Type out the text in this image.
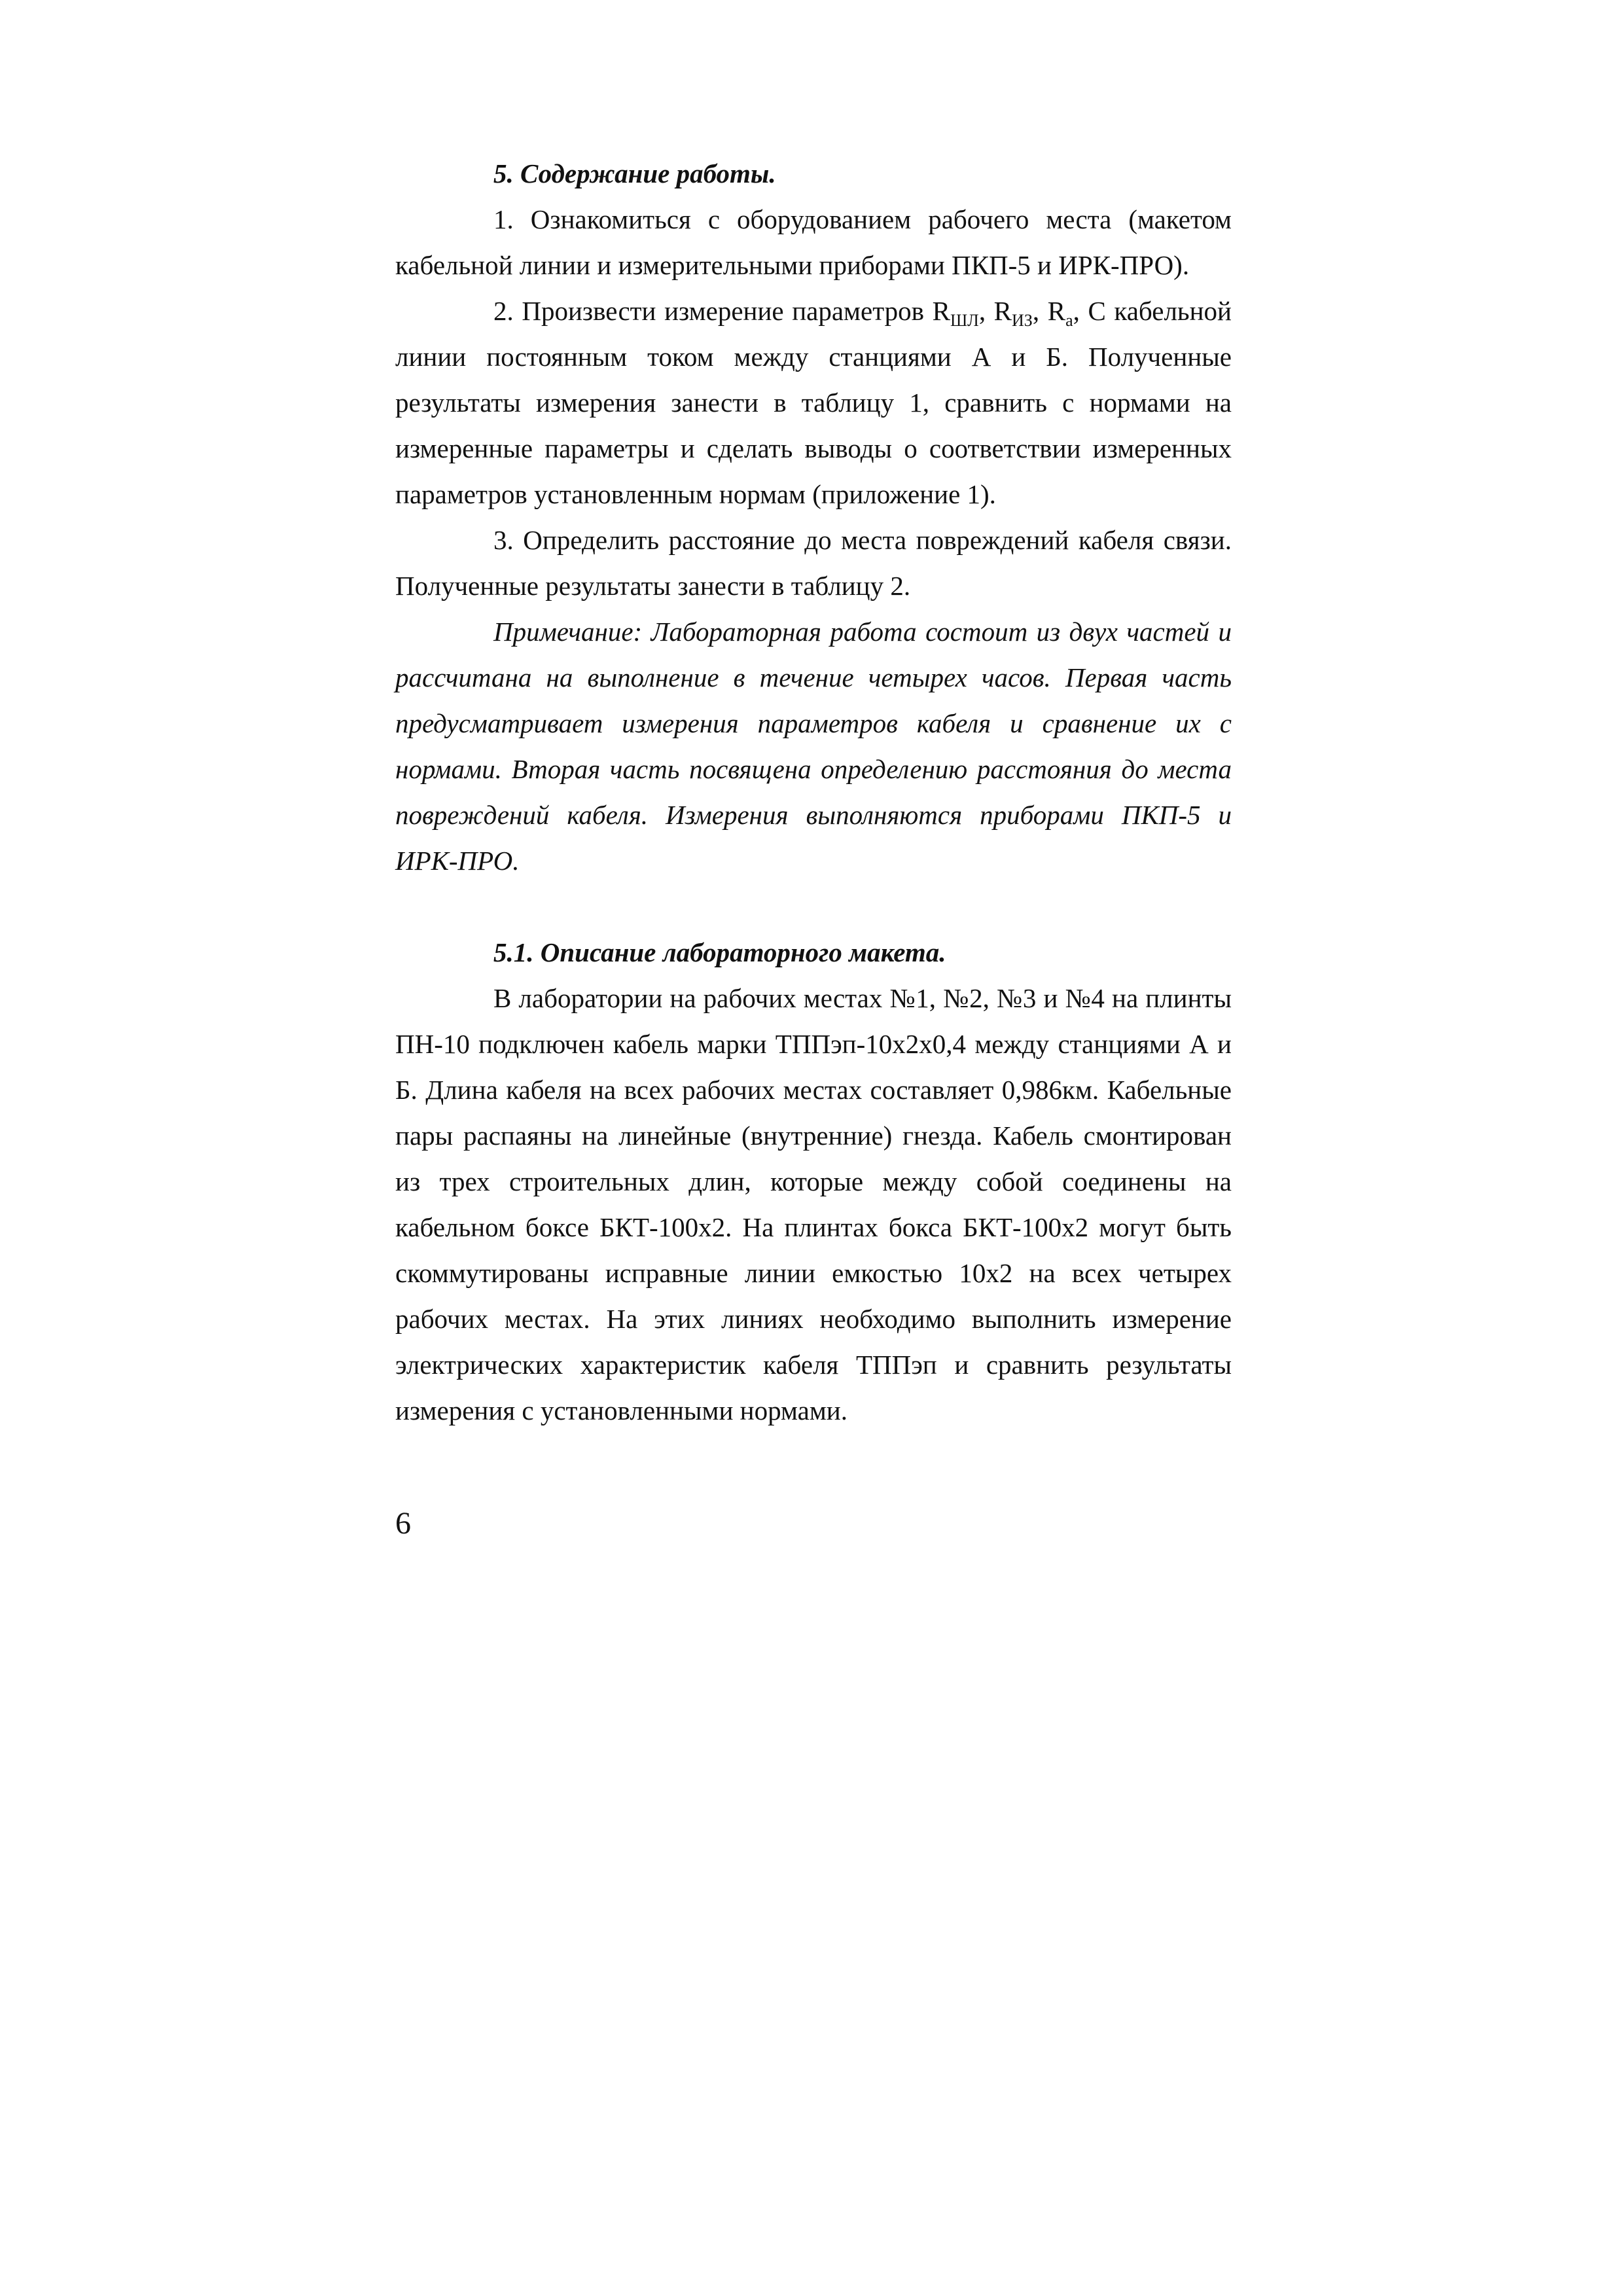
5. Содержание работы.

1. Ознакомиться с оборудованием рабочего места (макетом кабельной линии и измерительными приборами ПКП-5 и ИРК-ПРО).

2. Произвести измерение параметров $R_{ШЛ}$, $R_{ИЗ}$, $R_а$, С кабельной линии постоянным током между станциями А и Б. Полученные результаты измерения занести в таблицу 1, сравнить с нормами на измеренные параметры и сделать выводы о соответствии измеренных параметров установленным нормам (приложение 1).

3. Определить расстояние до места повреждений кабеля связи. Полученные результаты занести в таблицу 2.

Примечание: Лабораторная работа состоит из двух частей и рассчитана на выполнение в течение четырех часов. Первая часть предусматривает измерения параметров кабеля и сравнение их с нормами. Вторая часть посвящена определению расстояния до места повреждений кабеля. Измерения выполняются приборами ПКП-5 и ИРК-ПРО.

5.1. Описание лабораторного макета.

В лаборатории на рабочих местах №1, №2, №3 и №4 на плинты ПН-10 подключен кабель марки ТППэп-10х2х0,4 между станциями А и Б. Длина кабеля на всех рабочих местах составляет 0,986км. Кабельные пары распаяны на линейные (внутренние) гнезда. Кабель смонтирован из трех строительных длин, которые между собой соединены на кабельном боксе БКТ-100х2. На плинтах бокса БКТ-100х2 могут быть скоммутированы исправные линии емкостью 10х2 на всех четырех рабочих местах. На этих линиях необходимо выполнить измерение электрических характеристик кабеля ТППэп и сравнить результаты измерения с установленными нормами.

6
